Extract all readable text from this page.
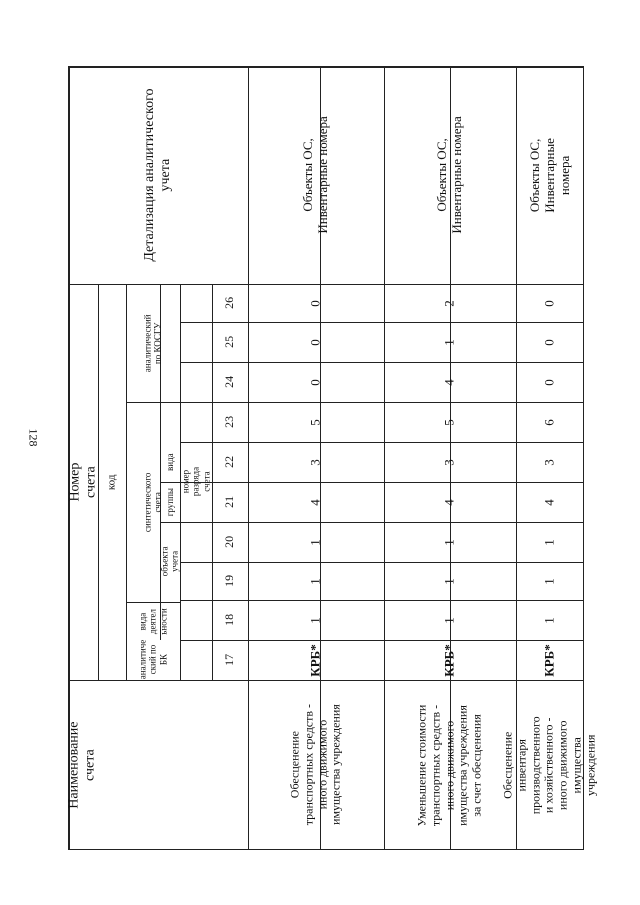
128
Наименование счета
Номер счета код
аналитический по КОСГУ
синтетического счета
вида деятел ьности
аналитиче ский по БК
вида
группы
объекта учета
номер разряда счета
Детализация аналитического учета
17
18
19
20
21
22
23
24
25
26
Обесценение транспортных средств - иного движимого имущества учреждения
Объекты ОС, Инвентарные номера
КРБ*
1
1
1
4
3
5
0
0
0
Уменьшение стоимости транспортных средств - иного движимого имущества учреждения за счет обесценения
Объекты ОС, Инвентарные номера
КРБ*
1
1
1
4
3
5
4
1
2
Обесценение инвентаря производственного и хозяйственного - иного движимого имущества учреждения
Объекты ОС, Инвентарные номера
КРБ*
1
1
1
4
3
6
0
0
0
